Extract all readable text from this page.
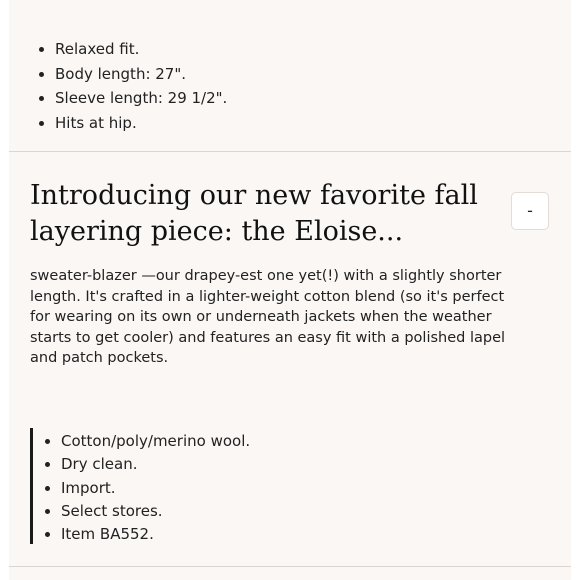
• Relaxed fit.
• Body length: 27".
• Sleeve length: 29 1/2".
• Hits at hip.
Introducing our new favorite fall layering piece: the Eloise...
-

sweater-blazer —our drapey-est one yet(!) with a slightly shorter length. It's crafted in a lighter-weight cotton blend (so it's perfect for wearing on its own or underneath jackets when the weather starts to get cooler) and features an easy fit with a polished lapel and patch pockets.

• Cotton/poly/merino wool.
• Dry clean.
• Import.
• Select stores.
• Item BA552.
